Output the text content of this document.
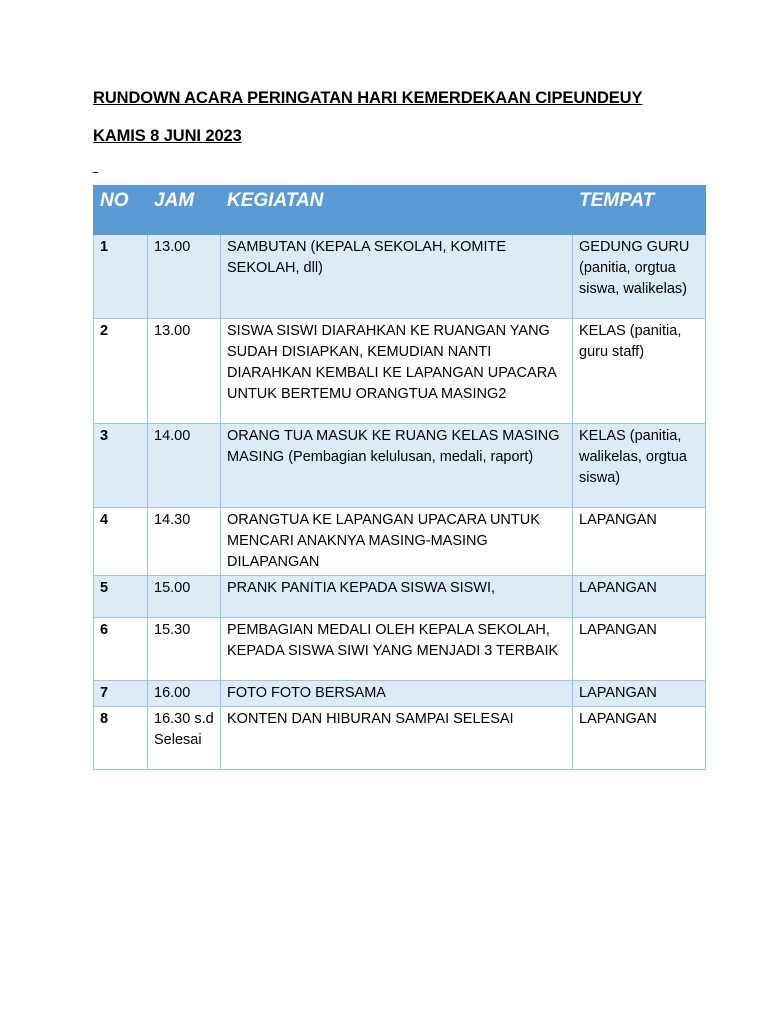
RUNDOWN ACARA PERINGATAN HARI KEMERDEKAAN CIPEUNDEUY
KAMIS 8 JUNI 2023
NO	JAM	KEGIATAN	TEMPAT
1	13.00	SAMBUTAN (KEPALA SEKOLAH, KOMITE SEKOLAH, dll)	GEDUNG GURU (panitia, orgtua siswa, walikelas)
2	13.00	SISWA SISWI DIARAHKAN KE RUANGAN YANG SUDAH DISIAPKAN, KEMUDIAN NANTI DIARAHKAN KEMBALI KE LAPANGAN UPACARA UNTUK BERTEMU ORANGTUA MASING2	KELAS (panitia, guru staff)
3	14.00	ORANG TUA MASUK KE RUANG KELAS MASING MASING (Pembagian kelulusan, medali, raport)	KELAS (panitia, walikelas, orgtua siswa)
4	14.30	ORANGTUA KE LAPANGAN UPACARA UNTUK MENCARI ANAKNYA MASING-MASING DILAPANGAN	LAPANGAN
5	15.00	PRANK PANITIA KEPADA SISWA SISWI,	LAPANGAN
6	15.30	PEMBAGIAN MEDALI OLEH KEPALA SEKOLAH, KEPADA SISWA SIWI YANG MENJADI 3 TERBAIK	LAPANGAN
7	16.00	FOTO FOTO BERSAMA	LAPANGAN
8	16.30 s.d Selesai	KONTEN DAN HIBURAN SAMPAI SELESAI	LAPANGAN
